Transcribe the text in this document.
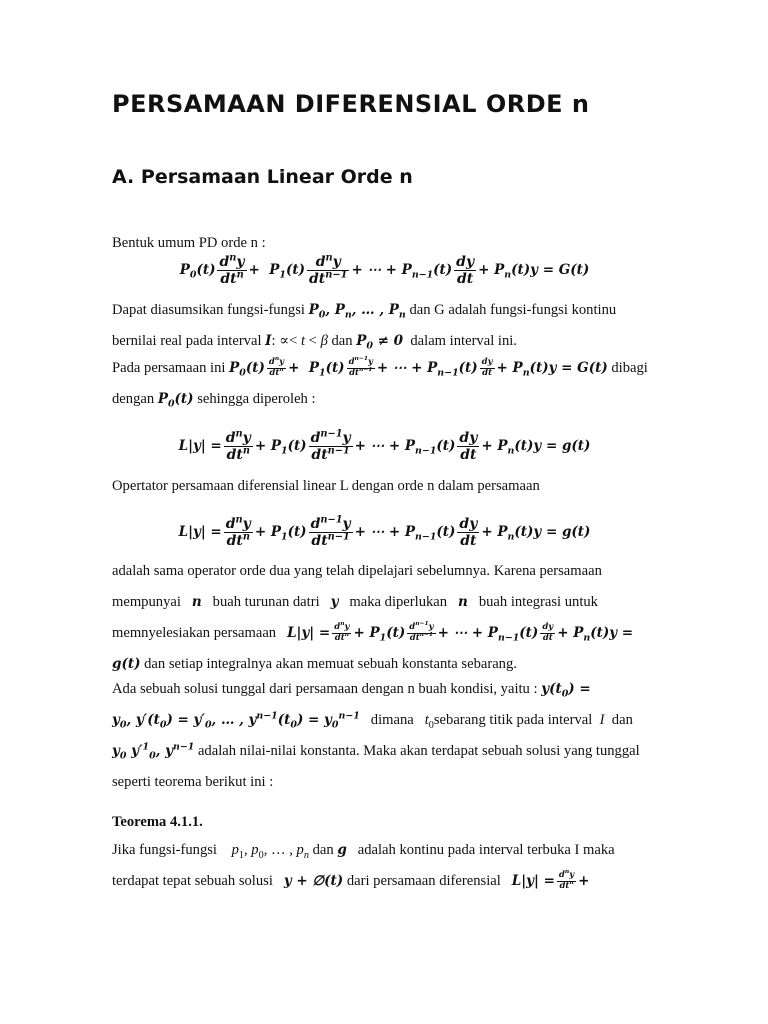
PERSAMAAN DIFERENSIAL ORDE n
A. Persamaan Linear Orde n

Bentuk umum PD orde n :

$P_0(t) \frac{d^ny}{dt^n} + P_1(t) \frac{d^ny}{dt^{n-1}}$ + ⋯ + $P_{n-1}(t) \frac{dy}{dt} + P_n(t)y = G(t)$

Dapat diasumsikan fungsi-fungsi $P_0$, $P_n$, … , $P_n$ dan G adalah fungsi-fungsi kontinu
bernilai real pada interval I: ∝< t < β dan $P_0 \ne 0$ dalam interval ini.

Pada persamaan ini $P_0(t) \frac{d^ny}{dt^n} + P_1(t) \frac{d^{n-1}y}{dt^{n-1}}$ + ⋯ + $P_{n-1}(t) \frac{dy}{dt} + P_n(t)y = G(t)$ dibagi
dengan $P_0(t)$ sehingga diperoleh :

$L|y| = \frac{d^ny}{dt^n} + P_1(t) \frac{d^{n-1}y}{dt^{n-1}}$ + ⋯ + $P_{n-1}(t) \frac{dy}{dt} + P_n(t)y = g(t)$

Opertator persamaan diferensial linear L dengan orde n dalam persamaan

$L|y| = \frac{d^ny}{dt^n} + P_1(t) \frac{d^{n-1}y}{dt^{n-1}}$ + ⋯ + $P_{n-1}(t) \frac{dy}{dt} + P_n(t)y = g(t)$

adalah sama operator orde dua yang telah dipelajari sebelumnya. Karena persamaan
mempunyai n buah turunan datri y maka diperlukan n buah integrasi untuk
memnyelesiakan persamaan $L|y| = \frac{d^ny}{dt^n} + P_1(t) \frac{d^{n-1}y}{dt^{n-1}}$ + ⋯ + $P_{n-1}(t) \frac{dy}{dt} + P_n(t)y$ =
g(t) dan setiap integralnya akan memuat sebuah konstanta sebarang.

Ada sebuah solusi tunggal dari persamaan dengan n buah kondisi, yaitu : $y(t_0)$ =
$y_0$, $y'(t_0) = y'_0$, … , $y^{n-1}(t_0) = y_0^{n-1}$ dimana $t_0sebarang$ titik pada interval I dan
$y_0$ $y'^1_0$, $y^{n-1}$ adalah nilai-nilai konstanta. Maka akan terdapat sebuah solusi yang tunggal
seperti teorema berikut ini :

Teorema 4.1.1.

Jika fungsi-fungsi $p_1$, $p_0$, … , $p_n$ dan g adalah kontinu pada interval terbuka I maka
terdapat tepat sebuah solusi y + ∅(t) dari persamaan diferensial $L|y| = \frac{d^ny}{dt^n}$ +
